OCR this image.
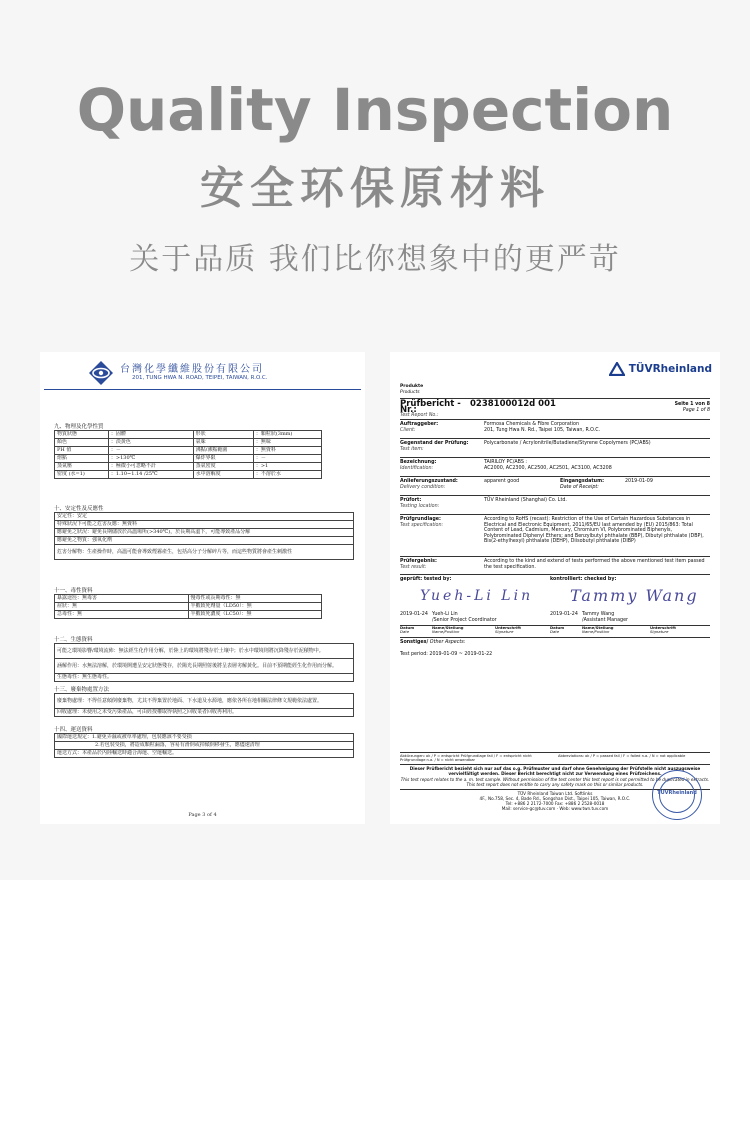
Quality Inspection
安全环保原材料
关于品质 我们比你想象中的更严苛
台灣化學纖維股份有限公司
201, TUNG HWA N. ROAD, TEIPEI, TAIWAN, R.O.C.
九、物理及化學性質
物質狀態	：固體	形狀	：顆粒狀(3mm)
顏色	：淡黃色	氣味	：無味
PH 值	：－	沸點/沸點範圍	：無資料
熔點	：>130℃	爆炸界限	：－
蒸氣壓	：極微小可忽略不計	蒸氣密度	：>1
密度 (水=1)	：1.10~1.14 /25℃	水中溶解度	：不溶於水
十、安定性及反應性
安定性：安定
特殊狀況下可能之危害反應：無資料
應避免之狀況：避免長期儲放於高溫場所(>340℃)，於長期高溫下，可能導致產品分解
應避免之物質：強氧化劑
危害分解物：生產操作時，高溫可能會導致煙霧產生，包括高分子分解碎片等，而這些物質將會產生刺激性
十一、毒性資料
暴露途徑：無毒害	慢毒性或長期毒性：無
症狀：無	半數致死劑量（LD50）：無
急毒性：無	半數致死濃度（LC50）：無
十二、生態資料
可能之環境影響/環境流佈：無法經生化作用分解，於陸上的環境將殘存於土壤中；於水中環境則將沉降殘存於泥積物中。
涵解作用：水無法溶解，於環境開遭呈安定狀態殘存，於陽光長期照射後將呈表層劣解黃化。目前不預期能經生化作用而分解。
生態毒性：無生態毒性。
十三、廢棄物處置方法
廢棄物處理：不得任意傾倒廢棄物，尤其不得棄置於地面、下水道及水源地，應依各所在地相關法律條文規範依法處置。
回收處理：未使用之未受污染產品，可由經授權取得執照之回收業者回收再利用。
十四、運送資料
國際運送規定：1.避免弄濕或被草率處理，包裝應該不要受損
2.若包裝受損，將造成顆粒漏落，容易有滑倒或掉傾倒移發生，應儘速清理
運送方式：本產品於內陸輸送時適合海運、空運輸送。
Page 3 of 4
Produkte
Products
TÜVRheinland
Prüfbericht - Nr.:
Test Report No.:
0238100012d 001	Seite 1 von 8
Page 1 of 8
Auftraggeber:
Client:
Formosa Chemicals & Fibre Corporation
201, Tung Hwa N. Rd., Taipei 105, Taiwan, R.O.C.
Gegenstand der Prüfung:
Test item:
Polycarbonate / Acrylonitrile/Butadiene/Styrene Copolymers (PC/ABS)
Bezeichnung:
Identification:
TAIRILOY PC/ABS :
AC2000, AC2300, AC2500, AC2501, AC3100, AC3208
Anlieferungszustand:
Delivery condition:
apparent good	Eingangsdatum:
Date of Receipt:
2019-01-09
Prüfort:
Testing location:
TÜV Rheinland (Shanghai) Co. Ltd.
Prüfgrundlage:
Test specification:
According to RoHS (recast): Restriction of the Use of Certain Hazardous Substances in Electrical and Electronic Equipment, 2011/65/EU last amended by (EU) 2015/863: Total Content of Lead, Cadmium, Mercury, Chromium VI, Polybrominated Biphenyls, Polybrominated Diphenyl Ethers; and Benzylbutyl phthalate (BBP), Dibutyl phthalate (DBP), Bis(2-ethylhexyl) phthalate (DEHP), Diisobutyl phthalate (DIBP)
Prüfergebnis:
Test result:
According to the kind and extend of tests performed the above mentioned test item passed the test specification.
geprüft: tested by:	kontrolliert: checked by:
Yueh-Li Lin Tammy Wang
2019-01-24 Yueh-Li Lin
/Senior Project Coordinator
2019-01-24 Tammy Wang
/Assistant Manager
Datum	Name/Stellung	Unterschrift	Datum	Name/Stellung	Unterschrift
Date	Name/Position	Signature	Date	Name/Position	Signature
Sonstiges/ Other Aspects:
Test period: 2019-01-09 ~ 2019-01-22
Abkürzungen: ok / P = entspricht Prüfgrundlage fail / F = entspricht nicht Prüfgrundlage n.a. / N = nicht anwendbar
Abbreviations: ok / P = passed fail / F = failed n.a. / N = not applicable
Dieser Prüfbericht bezieht sich nur auf das o.g. Prüfmuster und darf ohne Genehmigung der Prüfstelle nicht auszugsweise vervielfältigt werden. Dieser Bericht berechtigt nicht zur Verwendung eines Prüfzeichens.
This test report relates to the a. m. test sample. Without permission of the test center this test report is not permitted to be duplicated in extracts. This test report does not entitle to carry any safety mark on this or similar products.
TÜV Rheinland Taiwan Ltd. Softlinks
4F., No.758, Sec. 4, Bade Rd., Songshan Dist., Taipei 105, Taiwan, R.O.C.
Tel: +886 2 2172-7000 Fax: +886 2 2528-0018
Mail: service-gc@tuv.com · Web: www.twn.tuv.com
TÜVRheinland
